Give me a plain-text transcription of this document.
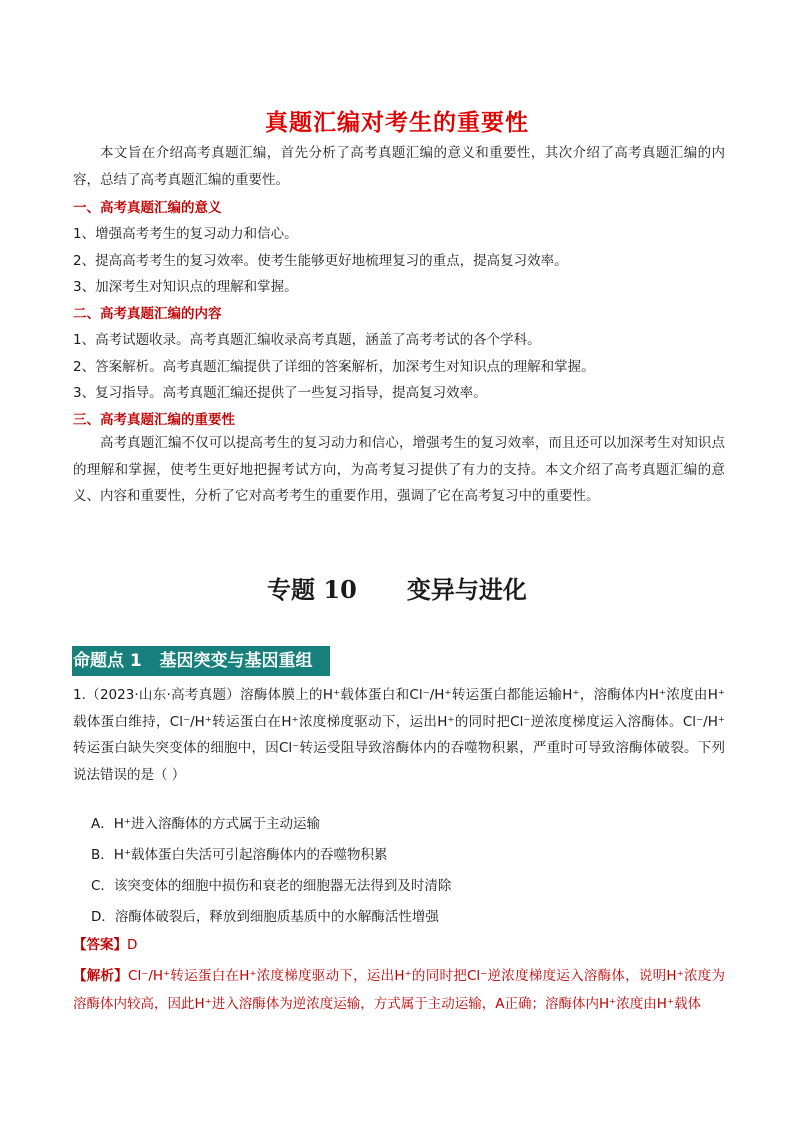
真题汇编对考生的重要性
本文旨在介绍高考真题汇编，首先分析了高考真题汇编的意义和重要性，其次介绍了高考真题汇编的内容，总结了高考真题汇编的重要性。
一、高考真题汇编的意义
1、增强高考考生的复习动力和信心。
2、提高高考考生的复习效率。使考生能够更好地梳理复习的重点，提高复习效率。
3、加深考生对知识点的理解和掌握。
二、高考真题汇编的内容
1、高考试题收录。高考真题汇编收录高考真题，涵盖了高考考试的各个学科。
2、答案解析。高考真题汇编提供了详细的答案解析，加深考生对知识点的理解和掌握。
3、复习指导。高考真题汇编还提供了一些复习指导，提高复习效率。
三、高考真题汇编的重要性
高考真题汇编不仅可以提高考生的复习动力和信心，增强考生的复习效率，而且还可以加深考生对知识点的理解和掌握，使考生更好地把握考试方向，为高考复习提供了有力的支持。本文介绍了高考真题汇编的意义、内容和重要性，分析了它对高考考生的重要作用，强调了它在高考复习中的重要性。
专题 10      变异与进化
命题点 1   基因突变与基因重组
1.（2023·山东·高考真题）溶酶体膜上的H⁺载体蛋白和Cl⁻/H⁺转运蛋白都能运输H⁺，溶酶体内H⁺浓度由H⁺载体蛋白维持，Cl⁻/H⁺转运蛋白在H⁺浓度梯度驱动下，运出H⁺的同时把Cl⁻逆浓度梯度运入溶酶体。Cl⁻/H⁺转运蛋白缺失突变体的细胞中，因Cl⁻转运受阻导致溶酶体内的吞噬物积累，严重时可导致溶酶体破裂。下列说法错误的是（ ）
A．H⁺进入溶酶体的方式属于主动运输
B．H⁺载体蛋白失活可引起溶酶体内的吞噬物积累
C．该突变体的细胞中损伤和衰老的细胞器无法得到及时清除
D．溶酶体破裂后，释放到细胞质基质中的水解酶活性增强
【答案】D
【解析】Cl⁻/H⁺转运蛋白在H⁺浓度梯度驱动下，运出H⁺的同时把Cl⁻逆浓度梯度运入溶酶体，说明H⁺浓度为溶酶体内较高，因此H⁺进入溶酶体为逆浓度运输，方式属于主动运输，A正确；溶酶体内H⁺浓度由H⁺载体
